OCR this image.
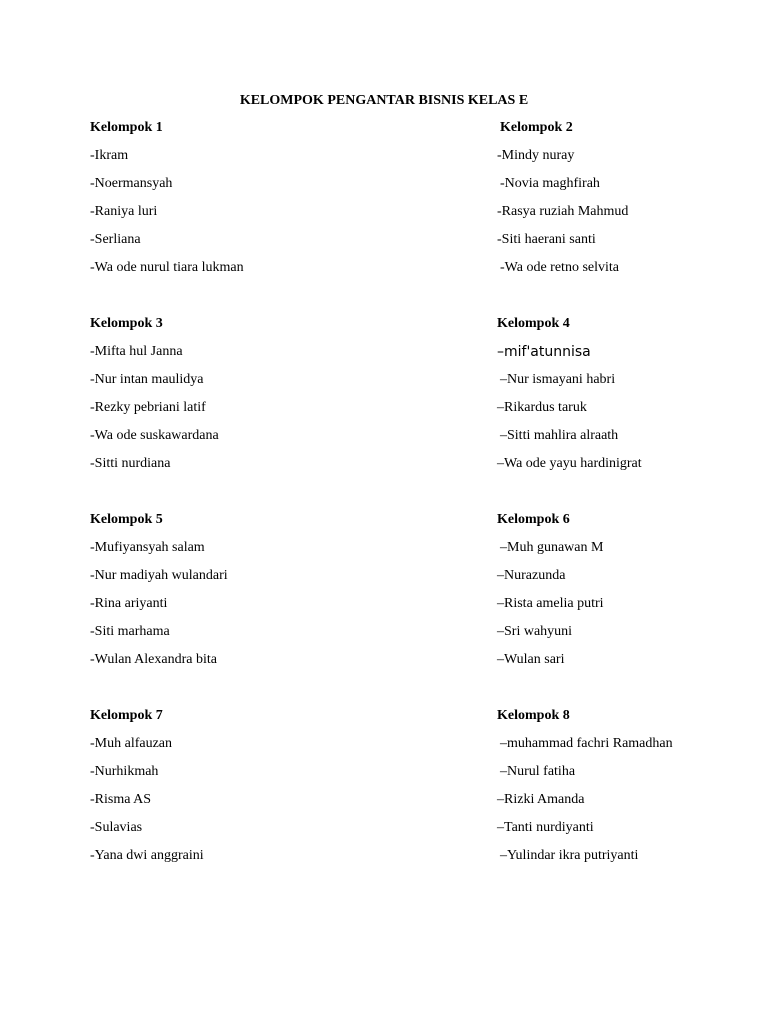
KELOMPOK PENGANTAR BISNIS KELAS E
Kelompok 1
-Ikram
-Noermansyah
-Raniya luri
-Serliana
-Wa ode nurul tiara lukman
Kelompok 2
-Mindy nuray
-Novia maghfirah
-Rasya ruziah Mahmud
-Siti haerani santi
-Wa ode retno selvita
Kelompok 3
-Mifta hul Janna
-Nur intan maulidya
-Rezky pebriani latif
-Wa ode suskawardana
-Sitti nurdiana
Kelompok 4
–mif'atunnisa
–Nur ismayani habri
–Rikardus taruk
–Sitti mahlira alraath
–Wa ode yayu hardinigrat
Kelompok 5
-Mufiyansyah salam
-Nur madiyah wulandari
-Rina ariyanti
-Siti marhama
-Wulan Alexandra bita
Kelompok 6
–Muh gunawan M
–Nurazunda
–Rista amelia putri
–Sri wahyuni
–Wulan sari
Kelompok 7
-Muh alfauzan
-Nurhikmah
-Risma AS
-Sulavias
-Yana dwi anggraini
Kelompok 8
–muhammad fachri Ramadhan
–Nurul fatiha
–Rizki Amanda
–Tanti nurdiyanti
–Yulindar ikra putriyanti
